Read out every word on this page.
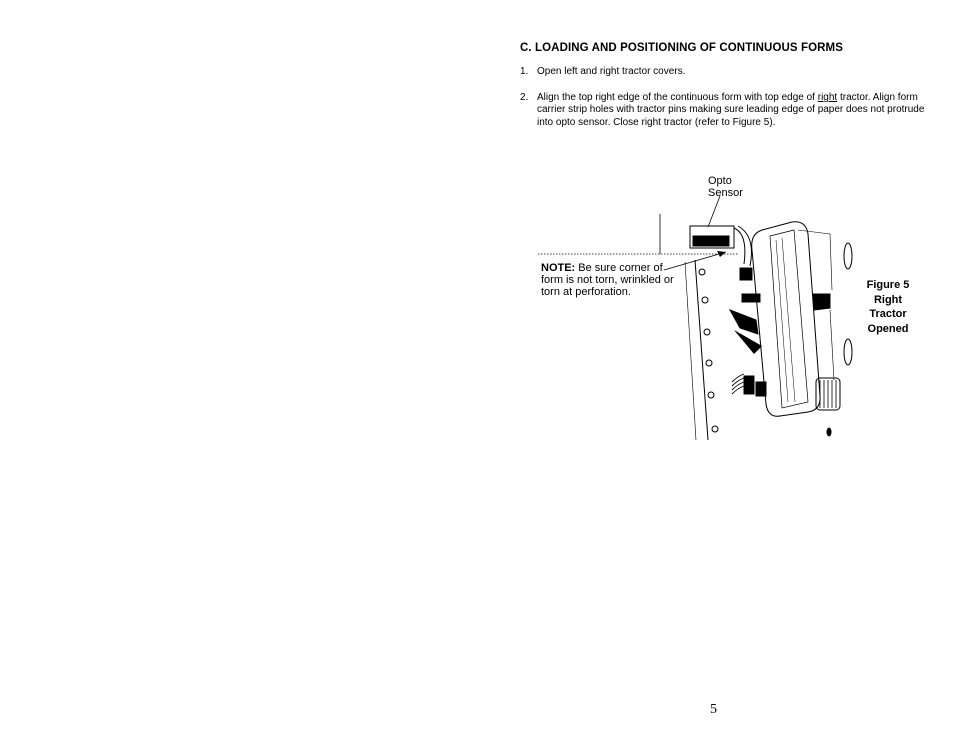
C. LOADING AND POSITIONING OF CONTINUOUS FORMS
1. Open left and right tractor covers.
2. Align the top right edge of the continuous form with top edge of right tractor. Align form carrier strip holes with tractor pins making sure leading edge of paper does not protrude into opto sensor. Close right tractor (refer to Figure 5).
Opto
Sensor
NOTE: Be sure corner of form is not torn, wrinkled or torn at perforation.
Figure 5
Right
Tractor
Opened
5
